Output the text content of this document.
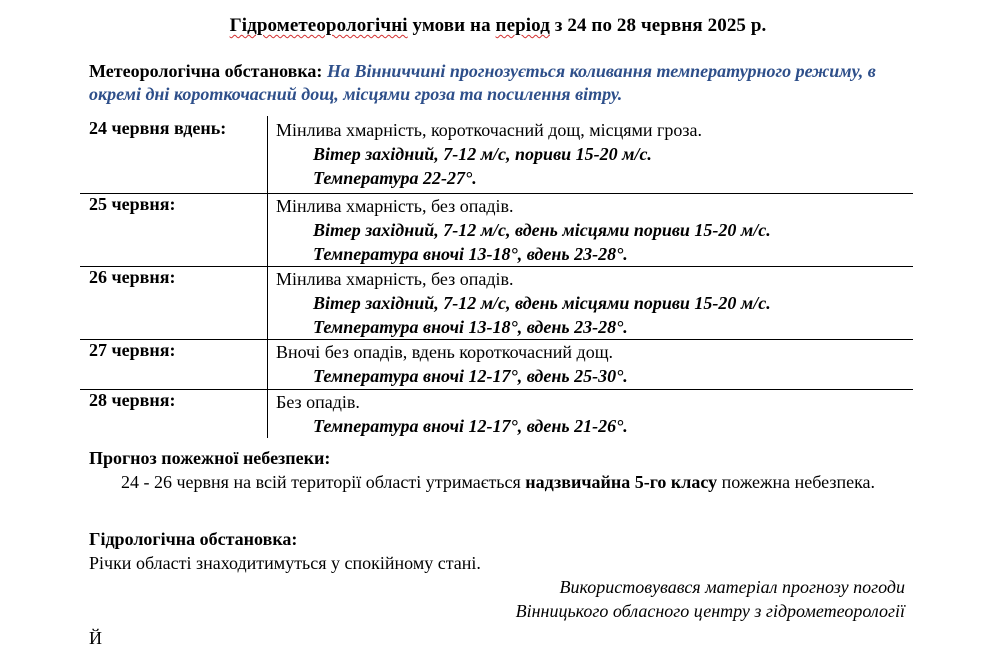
Гідрометеорологічні умови на період з 24 по 28 червня 2025 р.
Метеорологічна обстановка: На Вінниччині прогнозується коливання температурного режиму, в окремі дні короткочасний дощ, місцями гроза та посилення вітру.
24 червня вдень:	Мінлива хмарність, короткочасний дощ, місцями гроза.
Вітер західний, 7-12 м/с, пориви 15-20 м/с.
Температура 22-27°.

25 червня:	Мінлива хмарність, без опадів.
Вітер західний, 7-12 м/с, вдень місцями пориви 15-20 м/с.
Температура вночі 13-18°, вдень 23-28°.

26 червня:	Мінлива хмарність, без опадів.
Вітер західний, 7-12 м/с, вдень місцями пориви 15-20 м/с.
Температура вночі 13-18°, вдень 23-28°.

27 червня:	Вночі без опадів, вдень короткочасний дощ.
Температура вночі 12-17°, вдень 25-30°.

28 червня:	Без опадів.
Температура вночі 12-17°, вдень 21-26°.
Прогноз пожежної небезпеки:
24 - 26 червня на всій території області утримається надзвичайна 5-го класу пожежна небезпека.
Гідрологічна обстановка:
Річки області знаходитимуться у спокійному стані.
Використовувався матеріал прогнозу погоди
Вінницького обласного центру з гідрометеорології
Й
